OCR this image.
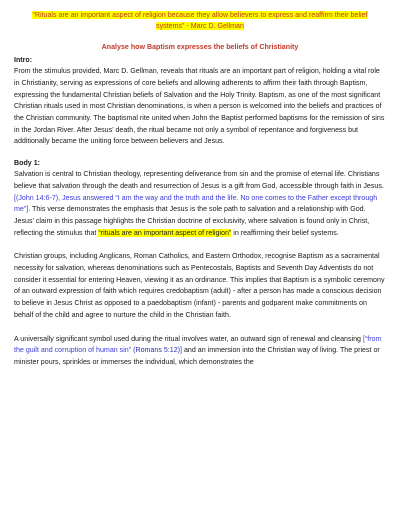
“Rituals are an important aspect of religion because they allow believers to express and reaffirm their belief systems” - Marc D. Gellman
Analyse how Baptism expresses the beliefs of Christianity
Intro:

From the stimulus provided, Marc D. Gellman, reveals that rituals are an important part of religion, holding a vital role in Christianity, serving as expressions of core beliefs and allowing adherents to affirm their faith through Baptism, expressing the fundamental Christian beliefs of Salvation and the Holy Trinity. Baptism, as one of the most significant Christian rituals used in most Christian denominations, is when a person is welcomed into the beliefs and practices of the Christian community. The baptismal rite united when John the Baptist performed baptisms for the remission of sins in the Jordan River. After Jesus’ death, the ritual became not only a symbol of repentance and forgiveness but additionally became the uniting force between believers and Jesus.

Body 1:

Salvation is central to Christian theology, representing deliverance from sin and the promise of eternal life. Christians believe that salvation through the death and resurrection of Jesus is a gift from God, accessible through faith in Jesus. [(John 14:6-7), Jesus answered “I am the way and the truth and the life. No one comes to the Father except through me”]. This verse demonstrates the emphasis that Jesus is the sole path to salvation and a relationship with God. Jesus’ claim in this passage highlights the Christian doctrine of exclusivity, where salvation is found only in Christ, reflecting the stimulus that “rituals are an important aspect of religion” in reaffirming their belief systems.

Christian groups, including Anglicans, Roman Catholics, and Eastern Orthodox, recognise Baptism as a sacramental necessity for salvation, whereas denominations such as Pentecostals, Baptists and Seventh Day Adventists do not consider it essential for entering Heaven, viewing it as an ordinance. This implies that Baptism is a symbolic ceremony of an outward expression of faith which requires credobaptism (adult) - after a person has made a conscious decision to believe in Jesus Christ as opposed to a paedobaptism (infant) - parents and godparent make commitments on behalf of the child and agree to nurture the child in the Christian faith.

A universally significant symbol used during the ritual involves water, an outward sign of renewal and cleansing [“from the guilt and corruption of human sin” (Romans 5:12)] and an immersion into the Christian way of living. The priest or minister pours, sprinkles or immerses the individual, which demonstrates the
